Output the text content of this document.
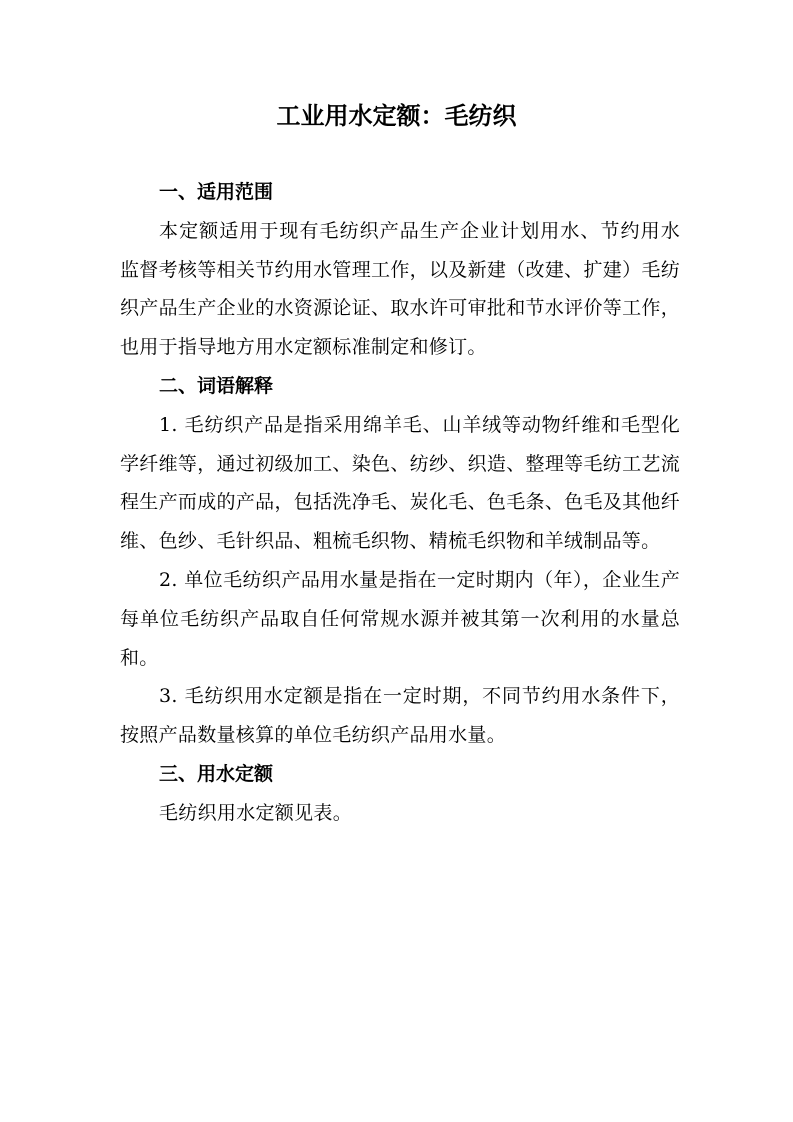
工业用水定额：毛纺织
一、适用范围

本定额适用于现有毛纺织产品生产企业计划用水、节约用水监督考核等相关节约用水管理工作，以及新建（改建、扩建）毛纺织产品生产企业的水资源论证、取水许可审批和节水评价等工作，也用于指导地方用水定额标准制定和修订。

二、词语解释

1. 毛纺织产品是指采用绵羊毛、山羊绒等动物纤维和毛型化学纤维等，通过初级加工、染色、纺纱、织造、整理等毛纺工艺流程生产而成的产品，包括洗净毛、炭化毛、色毛条、色毛及其他纤维、色纱、毛针织品、粗梳毛织物、精梳毛织物和羊绒制品等。

2. 单位毛纺织产品用水量是指在一定时期内（年），企业生产每单位毛纺织产品取自任何常规水源并被其第一次利用的水量总和。

3. 毛纺织用水定额是指在一定时期，不同节约用水条件下，按照产品数量核算的单位毛纺织产品用水量。

三、用水定额

毛纺织用水定额见表。
